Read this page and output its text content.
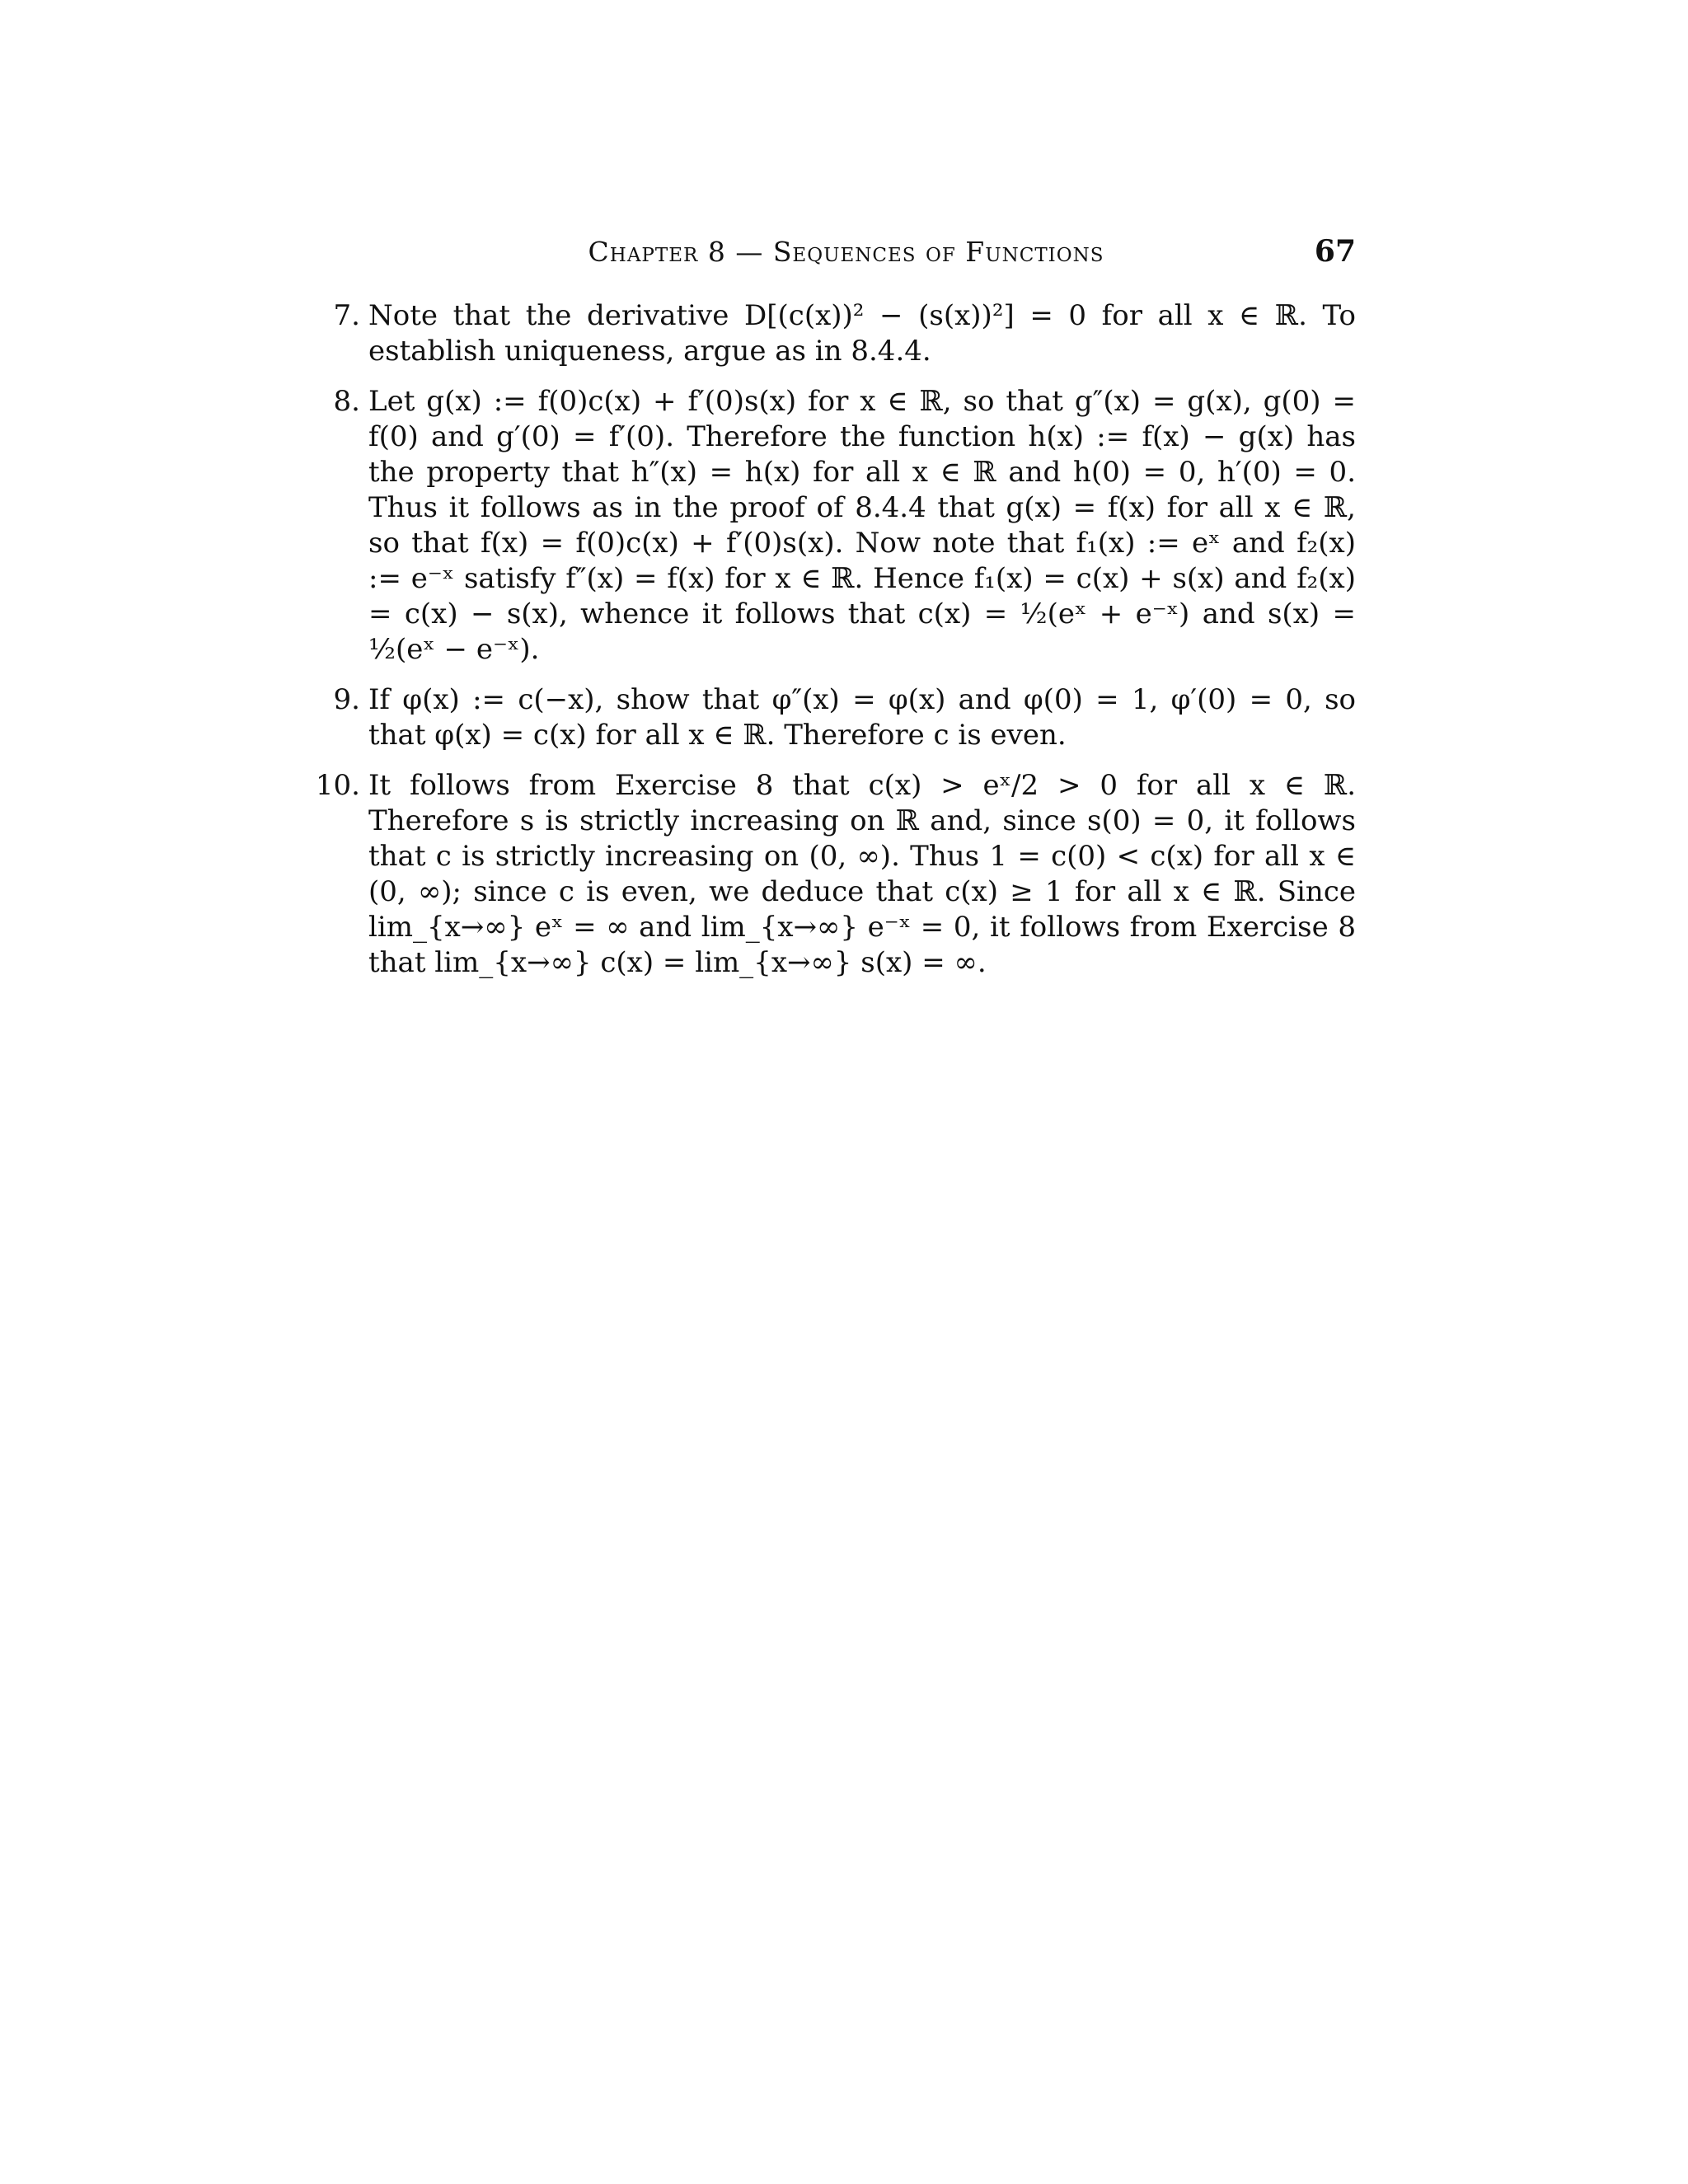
Chapter 8 — Sequences of Functions	67
7. Note that the derivative D[(c(x))² − (s(x))²] = 0 for all x ∈ ℝ. To establish uniqueness, argue as in 8.4.4.
8. Let g(x) := f(0)c(x) + f′(0)s(x) for x ∈ ℝ, so that g″(x) = g(x), g(0) = f(0) and g′(0) = f′(0). Therefore the function h(x) := f(x) − g(x) has the property that h″(x) = h(x) for all x ∈ ℝ and h(0) = 0, h′(0) = 0. Thus it follows as in the proof of 8.4.4 that g(x) = f(x) for all x ∈ ℝ, so that f(x) = f(0)c(x) + f′(0)s(x). Now note that f₁(x) := eˣ and f₂(x) := e⁻ˣ satisfy f″(x) = f(x) for x ∈ ℝ. Hence f₁(x) = c(x) + s(x) and f₂(x) = c(x) − s(x), whence it follows that c(x) = ½(eˣ + e⁻ˣ) and s(x) = ½(eˣ − e⁻ˣ).
9. If φ(x) := c(−x), show that φ″(x) = φ(x) and φ(0) = 1, φ′(0) = 0, so that φ(x) = c(x) for all x ∈ ℝ. Therefore c is even.
10. It follows from Exercise 8 that c(x) > eˣ/2 > 0 for all x ∈ ℝ. Therefore s is strictly increasing on ℝ and, since s(0) = 0, it follows that c is strictly increasing on (0, ∞). Thus 1 = c(0) < c(x) for all x ∈ (0, ∞); since c is even, we deduce that c(x) ≥ 1 for all x ∈ ℝ. Since lim_{x→∞} eˣ = ∞ and lim_{x→∞} e⁻ˣ = 0, it follows from Exercise 8 that lim_{x→∞} c(x) = lim_{x→∞} s(x) = ∞.
